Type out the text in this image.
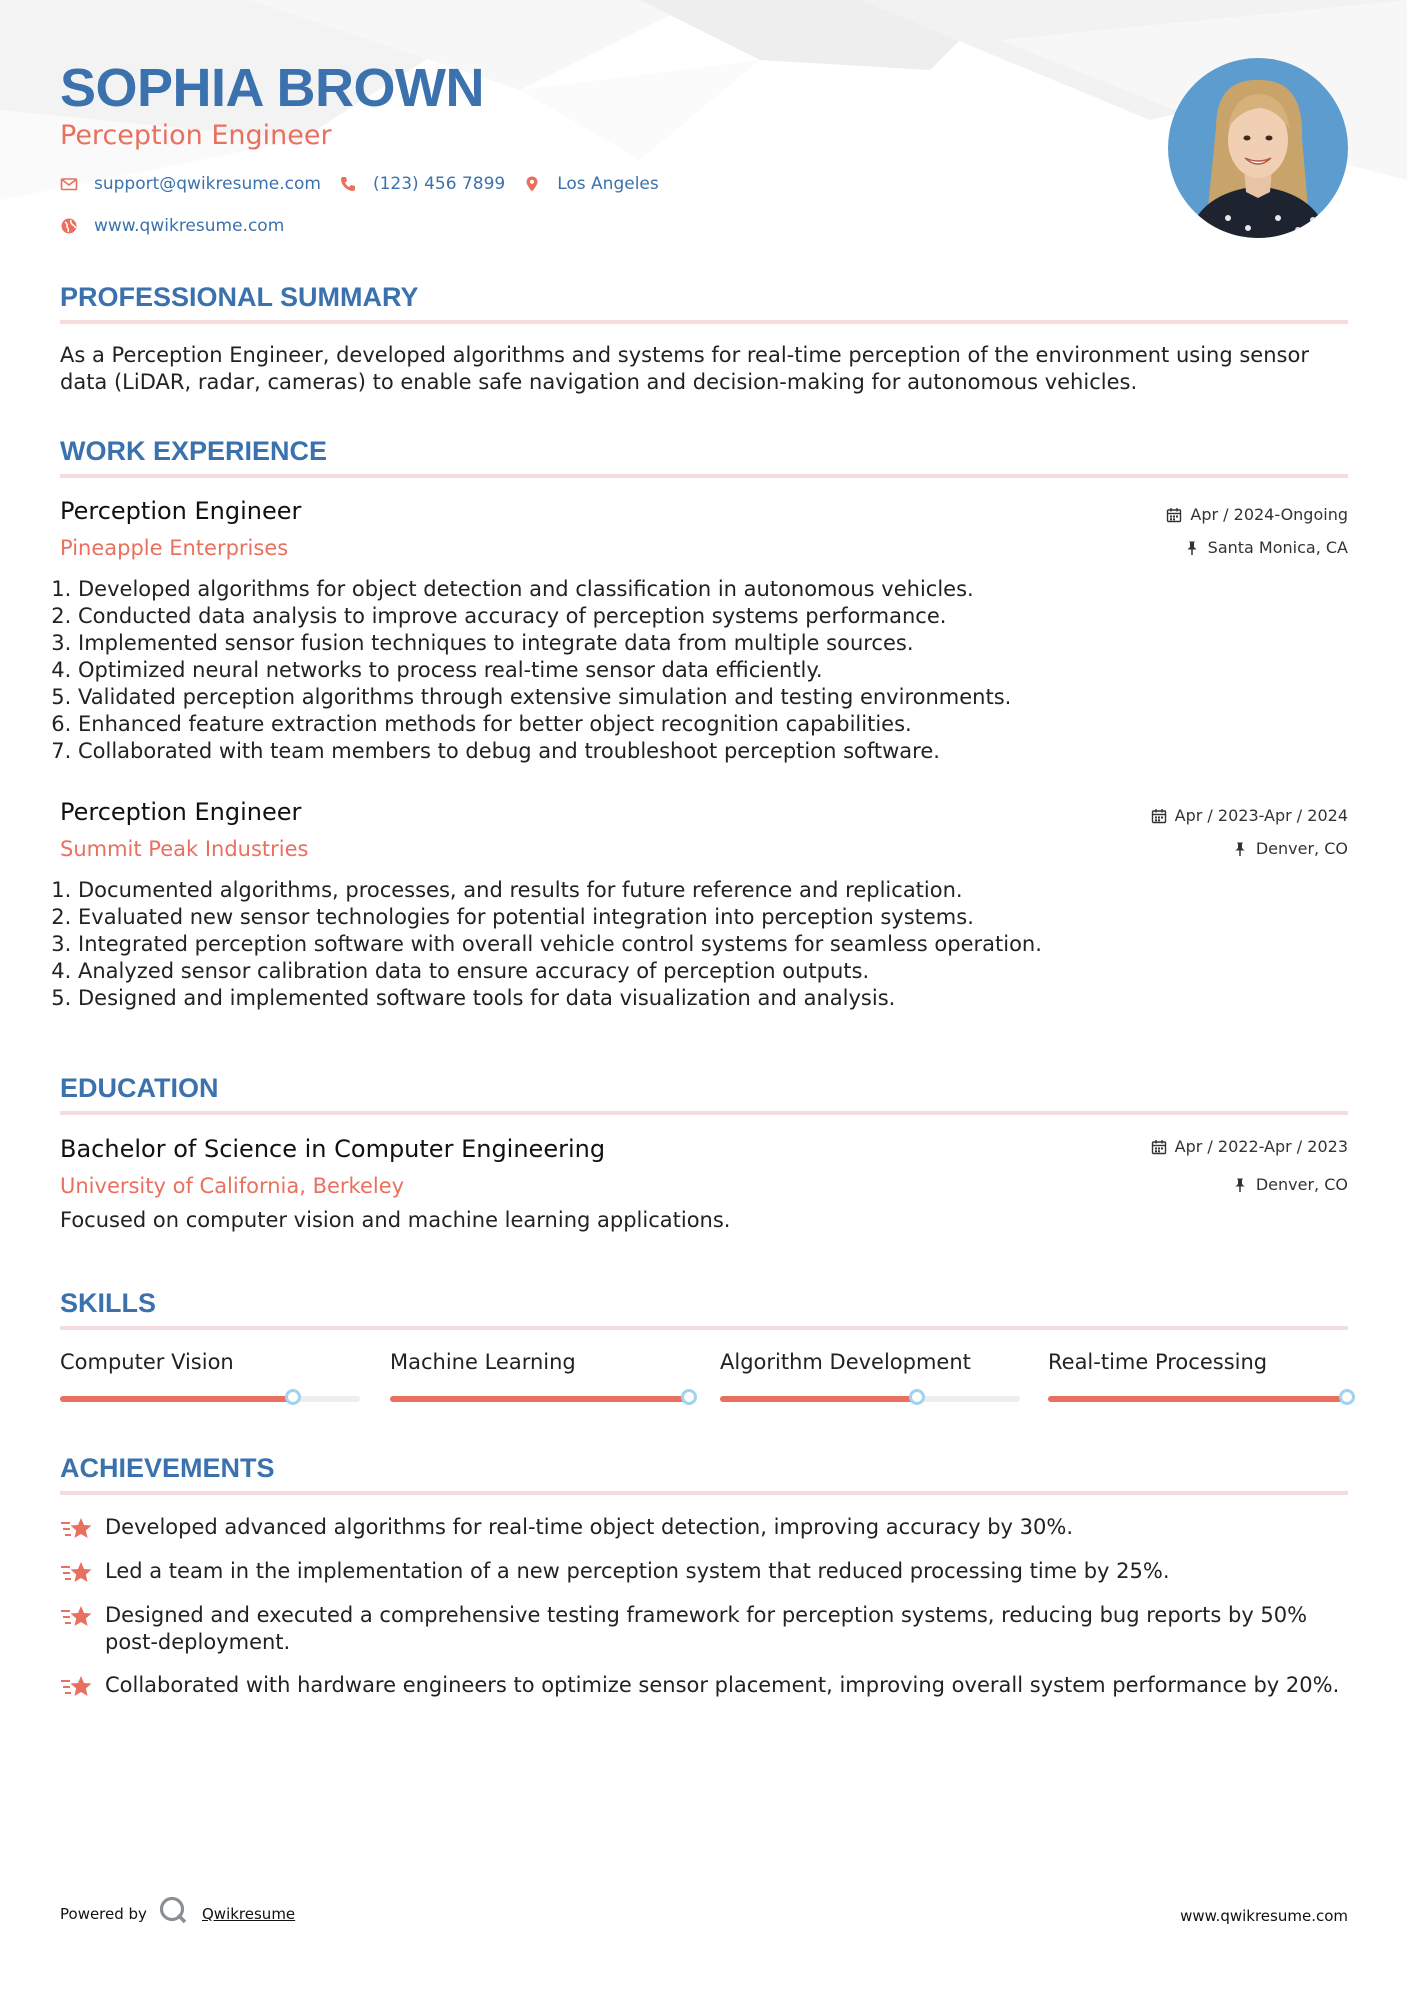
SOPHIA BROWN
Perception Engineer
support@qwikresume.com	(123) 456 7899	Los Angeles
www.qwikresume.com
PROFESSIONAL SUMMARY
As a Perception Engineer, developed algorithms and systems for real-time perception of the environment using sensor data (LiDAR, radar, cameras) to enable safe navigation and decision-making for autonomous vehicles.
WORK EXPERIENCE
Perception Engineer
Pineapple Enterprises
Apr / 2024-Ongoing
Santa Monica, CA
1. Developed algorithms for object detection and classification in autonomous vehicles.
2. Conducted data analysis to improve accuracy of perception systems performance.
3. Implemented sensor fusion techniques to integrate data from multiple sources.
4. Optimized neural networks to process real-time sensor data efficiently.
5. Validated perception algorithms through extensive simulation and testing environments.
6. Enhanced feature extraction methods for better object recognition capabilities.
7. Collaborated with team members to debug and troubleshoot perception software.
Perception Engineer
Summit Peak Industries
Apr / 2023-Apr / 2024
Denver, CO
1. Documented algorithms, processes, and results for future reference and replication.
2. Evaluated new sensor technologies for potential integration into perception systems.
3. Integrated perception software with overall vehicle control systems for seamless operation.
4. Analyzed sensor calibration data to ensure accuracy of perception outputs.
5. Designed and implemented software tools for data visualization and analysis.
EDUCATION
Bachelor of Science in Computer Engineering
University of California, Berkeley
Apr / 2022-Apr / 2023
Denver, CO
Focused on computer vision and machine learning applications.
SKILLS
Computer Vision	Machine Learning	Algorithm Development	Real-time Processing
ACHIEVEMENTS
Developed advanced algorithms for real-time object detection, improving accuracy by 30%.
Led a team in the implementation of a new perception system that reduced processing time by 25%.
Designed and executed a comprehensive testing framework for perception systems, reducing bug reports by 50% post-deployment.
Collaborated with hardware engineers to optimize sensor placement, improving overall system performance by 20%.
Powered by	Qwikresume	www.qwikresume.com
